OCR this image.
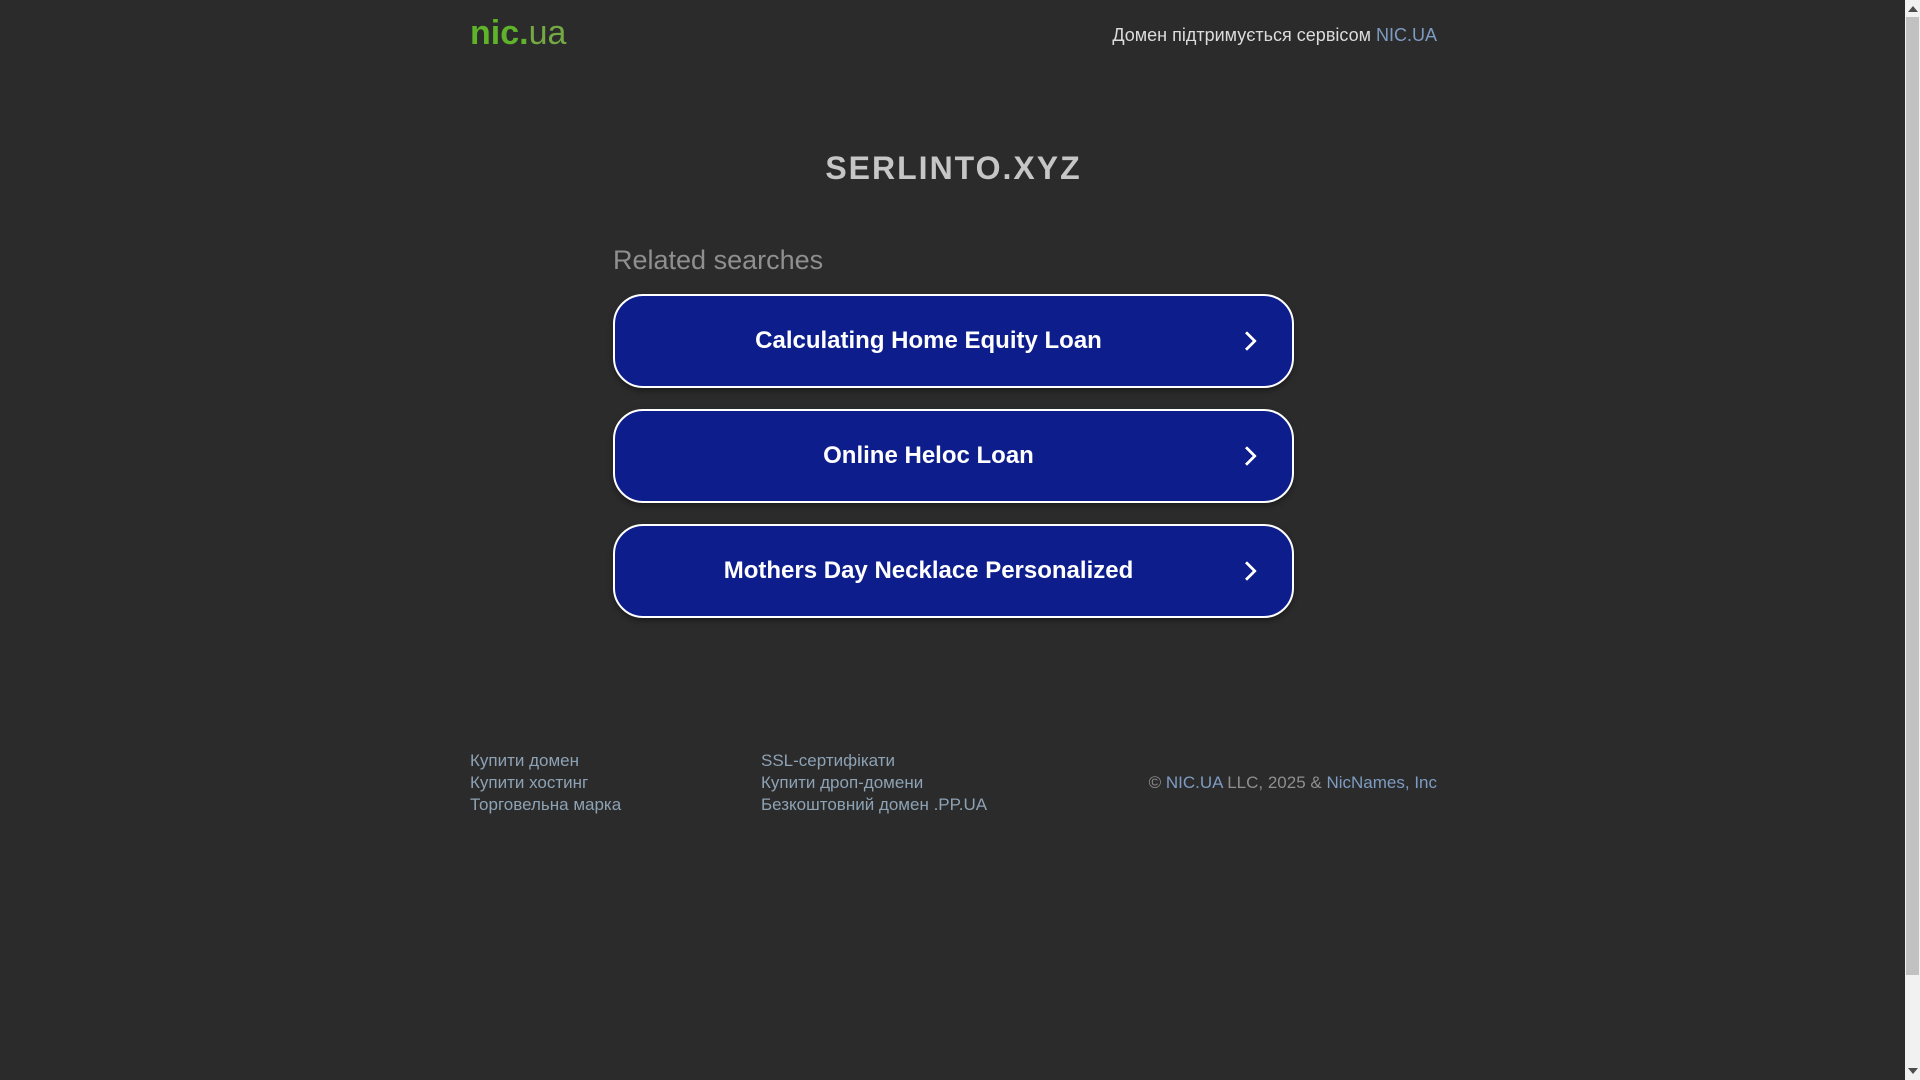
nic.ua	Домен підтримується сервісом NIC.UA
SERLINTO.XYZ
Related searches
Calculating Home Equity Loan
Online Heloc Loan
Mothers Day Necklace Personalized
Купити домен
Купити хостинг
Торговельна марка
SSL-сертифікати
Купити дроп-домени
Безкоштовний домен .PP.UA
© NIC.UA LLC, 2025 & NicNames, Inc
